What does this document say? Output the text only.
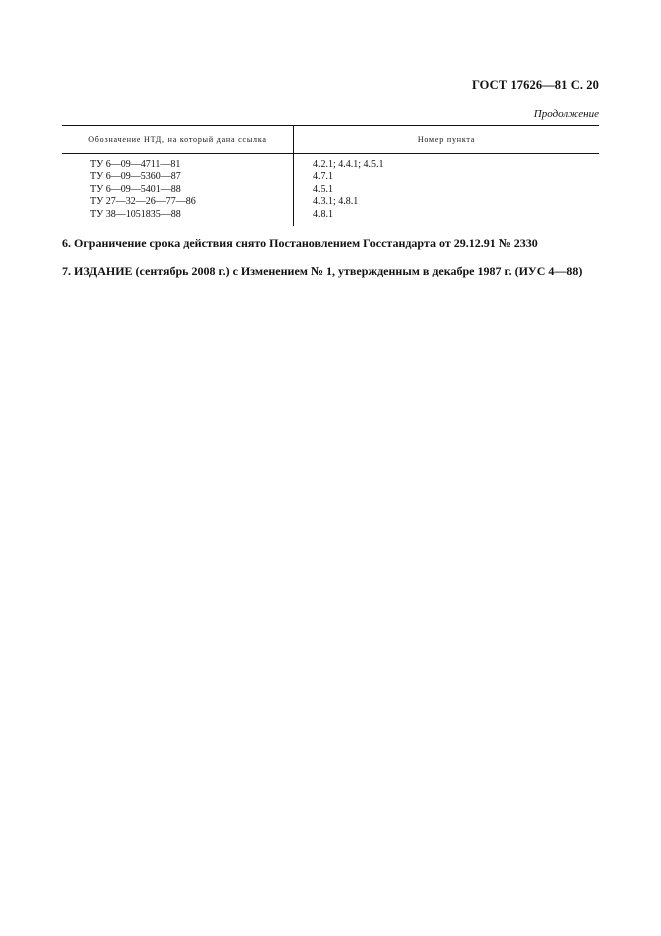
ГОСТ 17626—81 С. 20
Продолжение
Обозначение НТД, на который дана ссылка	Номер пункта
ТУ 6—09—4711—81	4.2.1; 4.4.1; 4.5.1
ТУ 6—09—5360—87	4.7.1
ТУ 6—09—5401—88	4.5.1
ТУ 27—32—26—77—86	4.3.1; 4.8.1
ТУ 38—1051835—88	4.8.1
6. Ограничение срока действия снято Постановлением Госстандарта от 29.12.91 № 2330
7. ИЗДАНИЕ (сентябрь 2008 г.) с Изменением № 1, утвержденным в декабре 1987 г. (ИУС 4—88)
